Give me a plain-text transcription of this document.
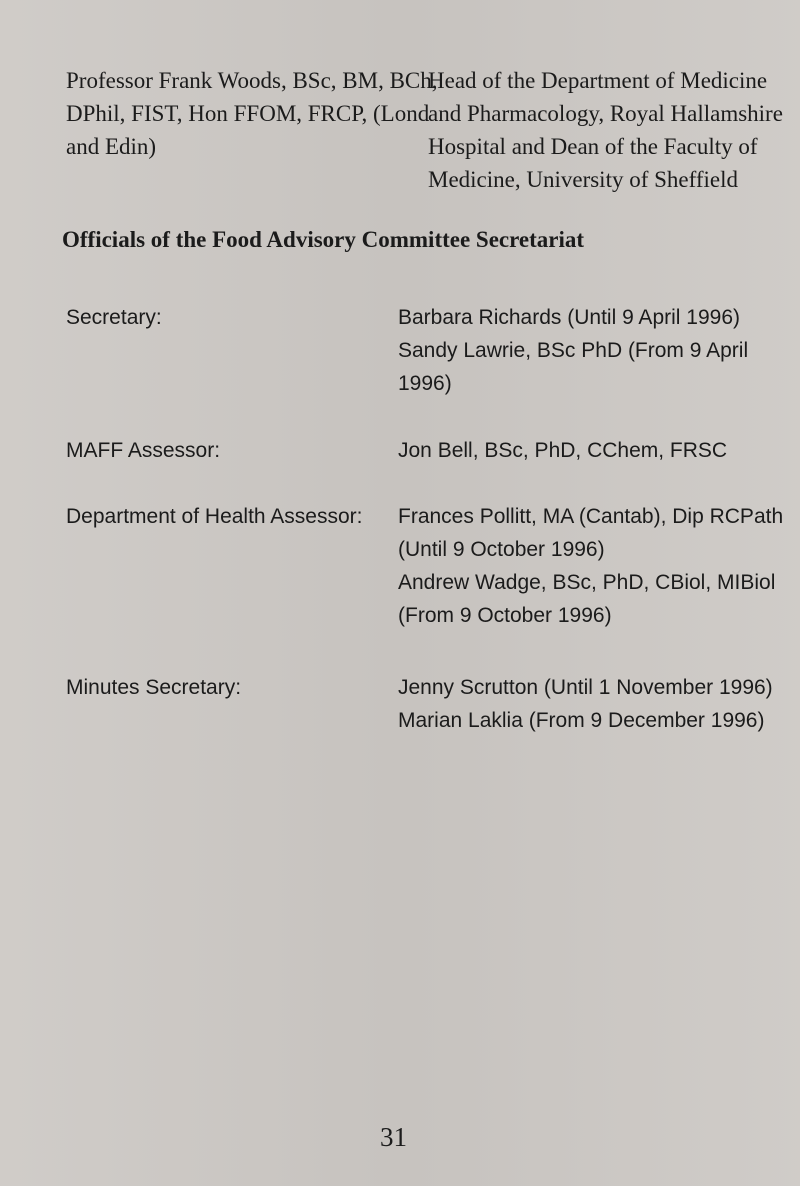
Professor Frank Woods, BSc, BM, BCh,
DPhil, FIST, Hon FFOM, FRCP, (Lond
and Edin)
Head of the Department of Medicine
and Pharmacology, Royal Hallamshire
Hospital and Dean of the Faculty of
Medicine, University of Sheffield
Officials of the Food Advisory Committee Secretariat
Secretary:	Barbara Richards (Until 9 April 1996)
Sandy Lawrie, BSc PhD (From 9 April
1996)
MAFF Assessor:	Jon Bell, BSc, PhD, CChem, FRSC
Department of Health Assessor: Frances Pollitt, MA (Cantab), Dip RCPath
(Until 9 October 1996)
Andrew Wadge, BSc, PhD, CBiol, MIBiol
(From 9 October 1996)
Minutes Secretary:	Jenny Scrutton (Until 1 November 1996)
Marian Laklia (From 9 December 1996)
31
